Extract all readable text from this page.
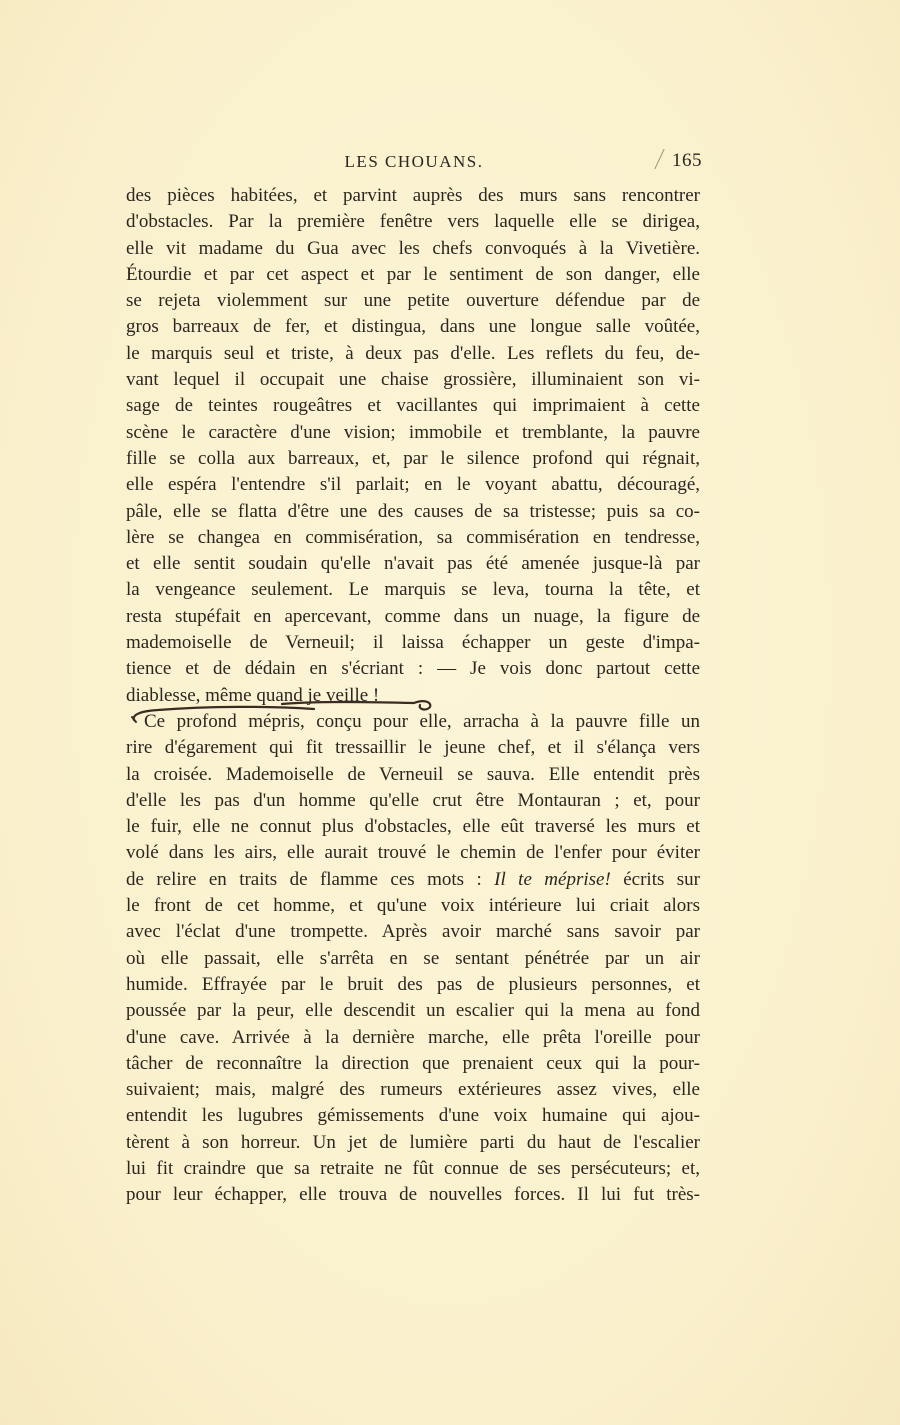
LES CHOUANS.	165
des pièces habitées, et parvint auprès des murs sans rencontrer
d'obstacles. Par la première fenêtre vers laquelle elle se dirigea,
elle vit madame du Gua avec les chefs convoqués à la Vivetière.
Étourdie et par cet aspect et par le sentiment de son danger, elle
se rejeta violemment sur une petite ouverture défendue par de
gros barreaux de fer, et distingua, dans une longue salle voûtée,
le marquis seul et triste, à deux pas d'elle. Les reflets du feu, de-
vant lequel il occupait une chaise grossière, illuminaient son vi-
sage de teintes rougeâtres et vacillantes qui imprimaient à cette
scène le caractère d'une vision; immobile et tremblante, la pauvre
fille se colla aux barreaux, et, par le silence profond qui régnait,
elle espéra l'entendre s'il parlait; en le voyant abattu, découragé,
pâle, elle se flatta d'être une des causes de sa tristesse; puis sa co-
lère se changea en commisération, sa commisération en tendresse,
et elle sentit soudain qu'elle n'avait pas été amenée jusque-là par
la vengeance seulement. Le marquis se leva, tourna la tête, et
resta stupéfait en apercevant, comme dans un nuage, la figure de
mademoiselle de Verneuil; il laissa échapper un geste d'impa-
tience et de dédain en s'écriant : — Je vois donc partout cette
diablesse, même quand je veille !
Ce profond mépris, conçu pour elle, arracha à la pauvre fille un
rire d'égarement qui fit tressaillir le jeune chef, et il s'élança vers
la croisée. Mademoiselle de Verneuil se sauva. Elle entendit près
d'elle les pas d'un homme qu'elle crut être Montauran ; et, pour
le fuir, elle ne connut plus d'obstacles, elle eût traversé les murs et
volé dans les airs, elle aurait trouvé le chemin de l'enfer pour éviter
de relire en traits de flamme ces mots : Il te méprise! écrits sur
le front de cet homme, et qu'une voix intérieure lui criait alors
avec l'éclat d'une trompette. Après avoir marché sans savoir par
où elle passait, elle s'arrêta en se sentant pénétrée par un air
humide. Effrayée par le bruit des pas de plusieurs personnes, et
poussée par la peur, elle descendit un escalier qui la mena au fond
d'une cave. Arrivée à la dernière marche, elle prêta l'oreille pour
tâcher de reconnaître la direction que prenaient ceux qui la pour-
suivaient; mais, malgré des rumeurs extérieures assez vives, elle
entendit les lugubres gémissements d'une voix humaine qui ajou-
tèrent à son horreur. Un jet de lumière parti du haut de l'escalier
lui fit craindre que sa retraite ne fût connue de ses persécuteurs; et,
pour leur échapper, elle trouva de nouvelles forces. Il lui fut très-
